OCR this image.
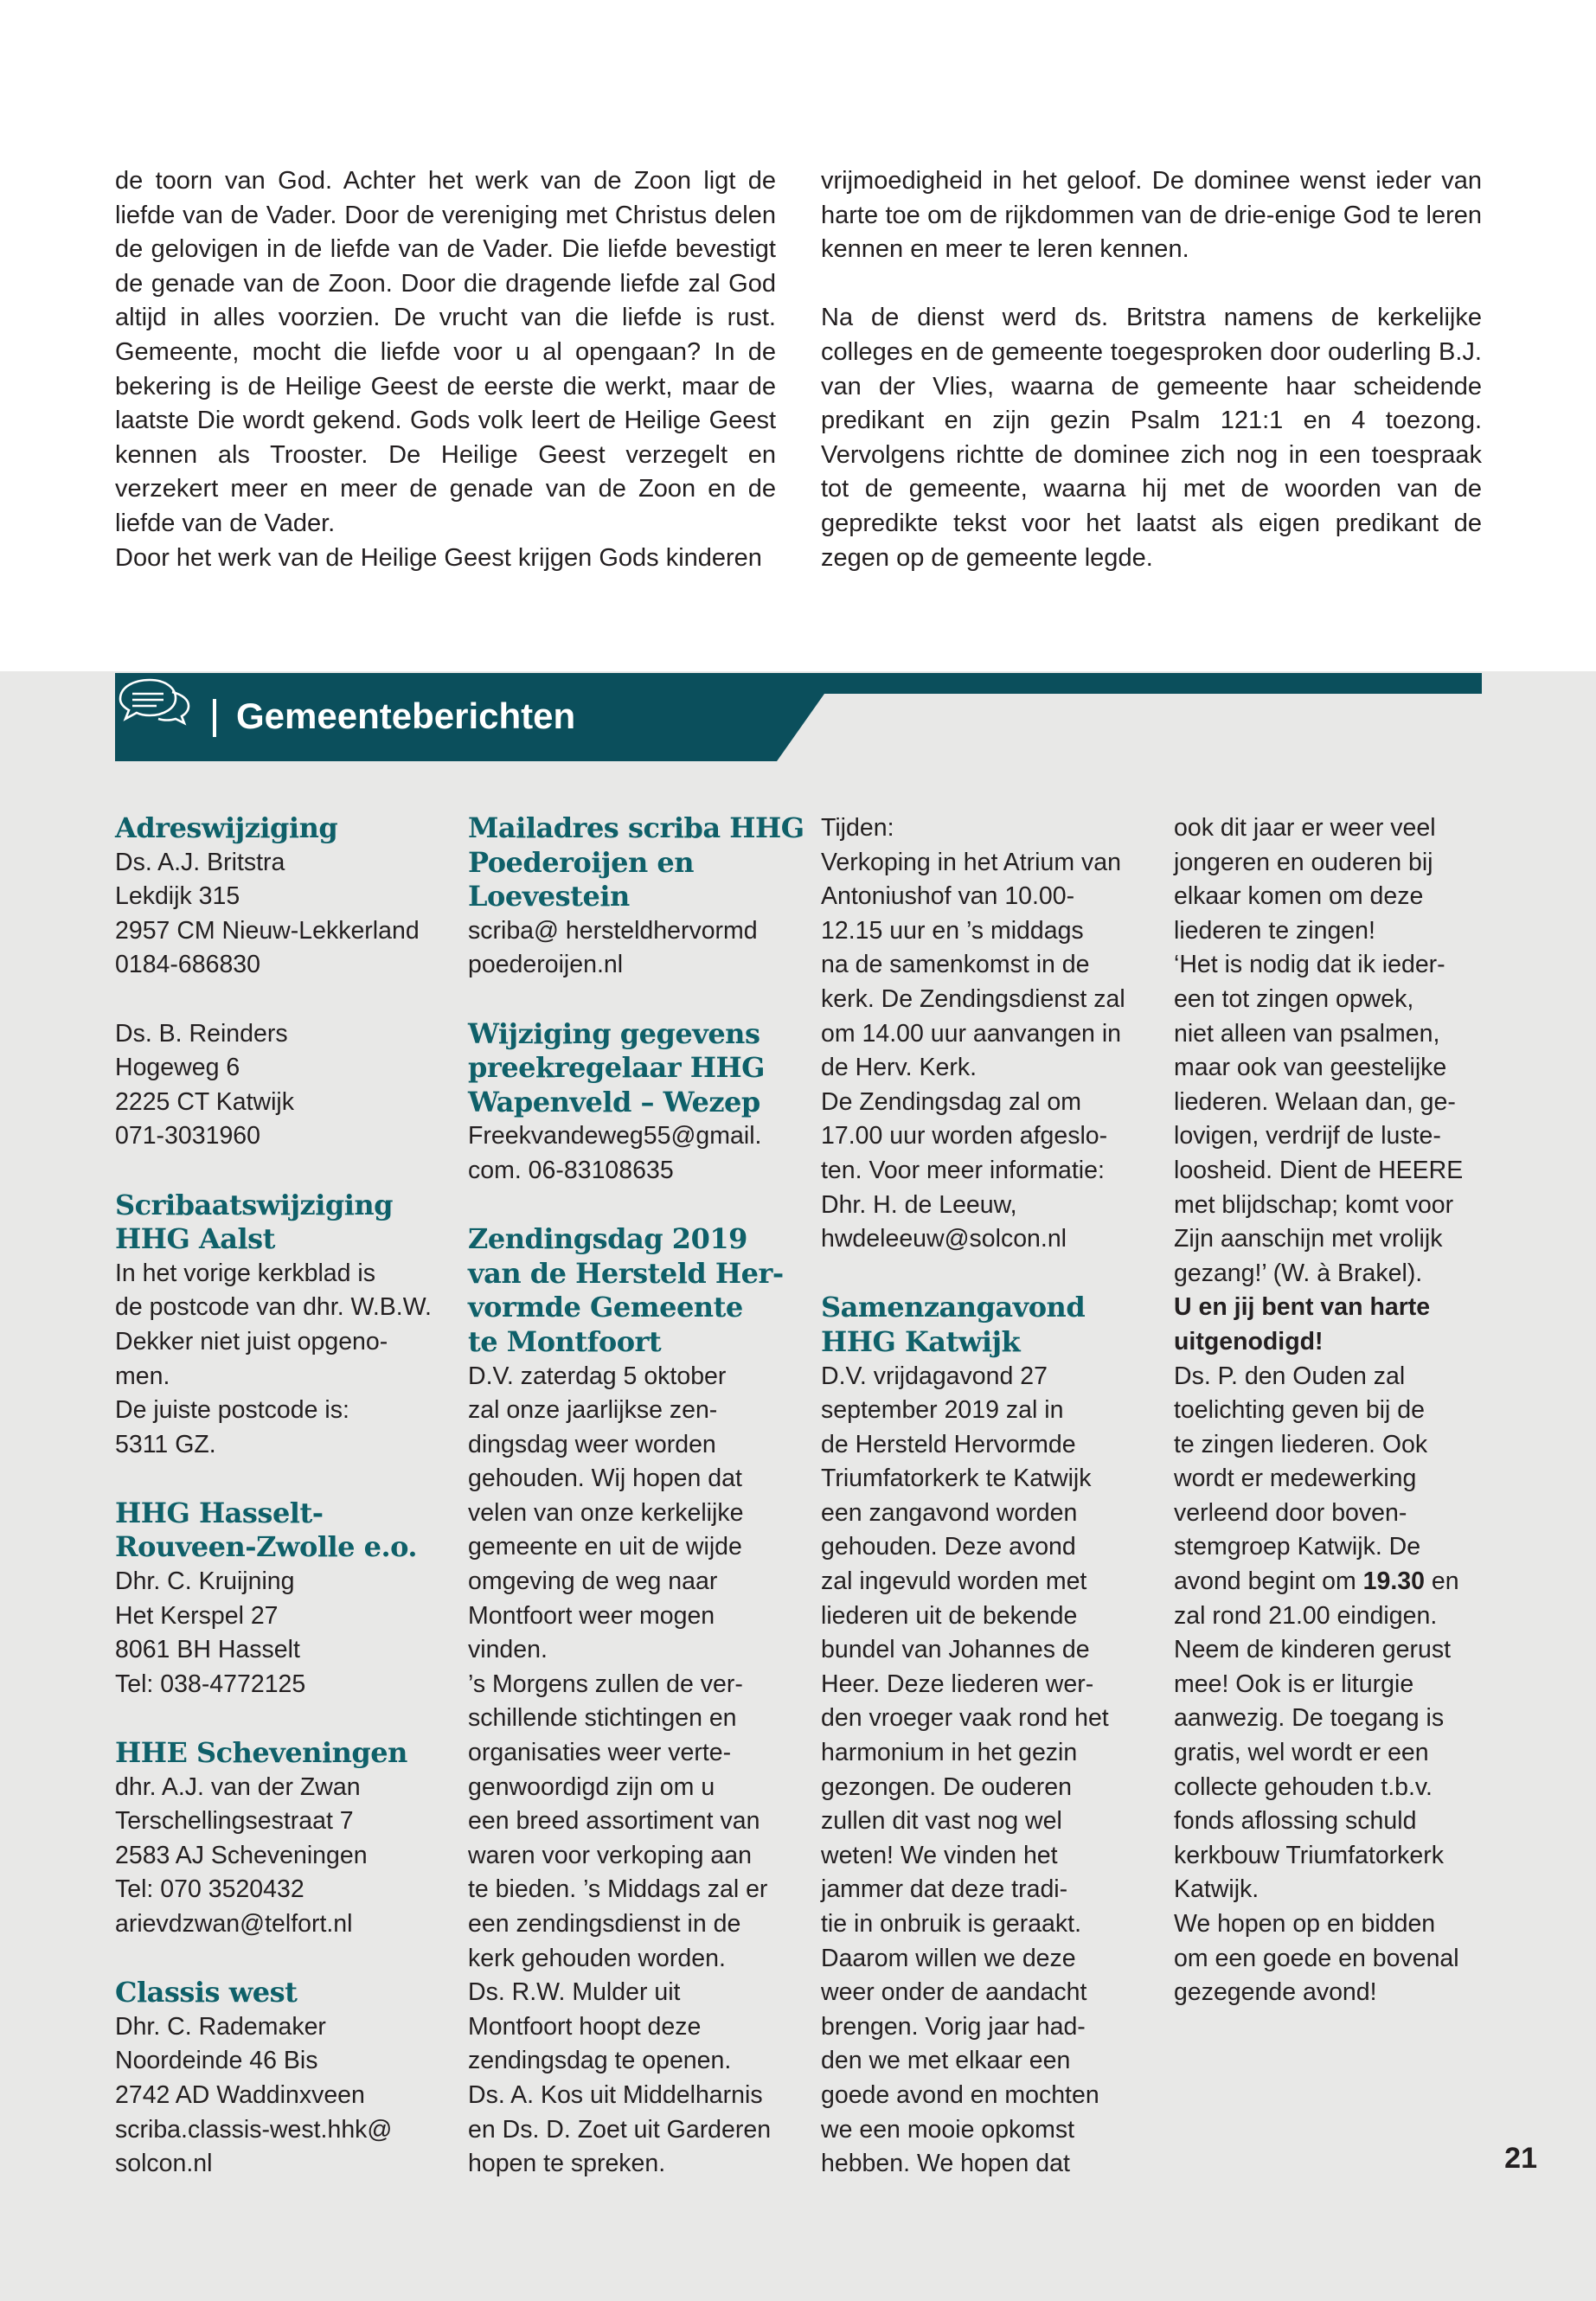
de toorn van God. Achter het werk van de Zoon ligt de liefde van de Vader. Door de vereniging met Christus delen de gelovigen in de liefde van de Vader. Die liefde bevestigt de genade van de Zoon. Door die dragende liefde zal God altijd in alles voorzien. De vrucht van die liefde is rust. Gemeente, mocht die liefde voor u al opengaan? In de bekering is de Heilige Geest de eerste die werkt, maar de laatste Die wordt gekend. Gods volk leert de Heilige Geest kennen als Trooster. De Heilige Geest verzegelt en verzekert meer en meer de genade van de Zoon en de liefde van de Vader.

Door het werk van de Heilige Geest krijgen Gods kinderen

vrijmoedigheid in het geloof. De dominee wenst ieder van harte toe om de rijkdommen van de drie-enige God te leren kennen en meer te leren kennen.

Na de dienst werd ds. Britstra namens de kerkelijke colleges en de gemeente toegesproken door ouderling B.J. van der Vlies, waarna de gemeente haar scheidende predikant en zijn gezin Psalm 121:1 en 4 toezong. Vervolgens richtte de dominee zich nog in een toespraak tot de gemeente, waarna hij met de woorden van de gepredikte tekst voor het laatst als eigen predikant de zegen op de gemeente legde.

Gemeenteberichten
Adreswijziging
Ds. A.J. Britstra
Lekdijk 315
2957 CM Nieuw-Lekkerland
0184-686830
Ds. B. Reinders
Hogeweg 6
2225 CT Katwijk
071-3031960
Scribaatswijziging
HHG Aalst
In het vorige kerkblad is
de postcode van dhr. W.B.W.
Dekker niet juist opgeno-
men.
De juiste postcode is:
5311 GZ.
HHG Hasselt-
Rouveen-Zwolle e.o.
Dhr. C. Kruijning
Het Kerspel 27
8061 BH Hasselt
Tel: 038-4772125
HHE Scheveningen
dhr. A.J. van der Zwan
Terschellingsestraat 7
2583 AJ Scheveningen
Tel: 070 3520432
arievdzwan@telfort.nl
Classis west
Dhr. C. Rademaker
Noordeinde 46 Bis
2742 AD Waddinxveen
scriba.classis-west.hhk@
solcon.nl
Mailadres scriba HHG
Poederoijen en
Loevestein
scriba@ hersteldhervormd
poederoijen.nl
Wijziging gegevens
preekregelaar HHG
Wapenveld – Wezep
Freekvandeweg55@gmail.
com. 06-83108635
Zendingsdag 2019
van de Hersteld Her-
vormde Gemeente
te Montfoort
D.V. zaterdag 5 oktober
zal onze jaarlijkse zen-
dingsdag weer worden
gehouden. Wij hopen dat
velen van onze kerkelijke
gemeente en uit de wijde
omgeving de weg naar
Montfoort weer mogen
vinden.
’s Morgens zullen de ver-
schillende stichtingen en
organisaties weer verte-
genwoordigd zijn om u
een breed assortiment van
waren voor verkoping aan
te bieden. ’s Middags zal er
een zendingsdienst in de
kerk gehouden worden.
Ds. R.W. Mulder uit
Montfoort hoopt deze
zendingsdag te openen.
Ds. A. Kos uit Middelharnis
en Ds. D. Zoet uit Garderen
hopen te spreken.
Tijden:
Verkoping in het Atrium van
Antoniushof van 10.00-
12.15 uur en ’s middags
na de samenkomst in de
kerk. De Zendingsdienst zal
om 14.00 uur aanvangen in
de Herv. Kerk.
De Zendingsdag zal om
17.00 uur worden afgeslo-
ten. Voor meer informatie:
Dhr. H. de Leeuw,
hwdeleeuw@solcon.nl
Samenzangavond
HHG Katwijk
D.V. vrijdagavond 27
september 2019 zal in
de Hersteld Hervormde
Triumfatorkerk te Katwijk
een zangavond worden
gehouden. Deze avond
zal ingevuld worden met
liederen uit de bekende
bundel van Johannes de
Heer. Deze liederen wer-
den vroeger vaak rond het
harmonium in het gezin
gezongen. De ouderen
zullen dit vast nog wel
weten! We vinden het
jammer dat deze tradi-
tie in onbruik is geraakt.
Daarom willen we deze
weer onder de aandacht
brengen. Vorig jaar had-
den we met elkaar een
goede avond en mochten
we een mooie opkomst
hebben. We hopen dat
ook dit jaar er weer veel
jongeren en ouderen bij
elkaar komen om deze
liederen te zingen!
‘Het is nodig dat ik ieder-
een tot zingen opwek,
niet alleen van psalmen,
maar ook van geestelijke
liederen. Welaan dan, ge-
lovigen, verdrijf de luste-
loosheid. Dient de HEERE
met blijdschap; komt voor
Zijn aanschijn met vrolijk
gezang!’ (W. à Brakel).
U en jij bent van harte
uitgenodigd!
Ds. P. den Ouden zal
toelichting geven bij de
te zingen liederen. Ook
wordt er medewerking
verleend door boven-
stemgroep Katwijk. De
avond begint om 19.30 en
zal rond 21.00 eindigen.
Neem de kinderen gerust
mee! Ook is er liturgie
aanwezig. De toegang is
gratis, wel wordt er een
collecte gehouden t.b.v.
fonds aflossing schuld
kerkbouw Triumfatorkerk
Katwijk.
We hopen op en bidden
om een goede en bovenal
gezegende avond!
21
